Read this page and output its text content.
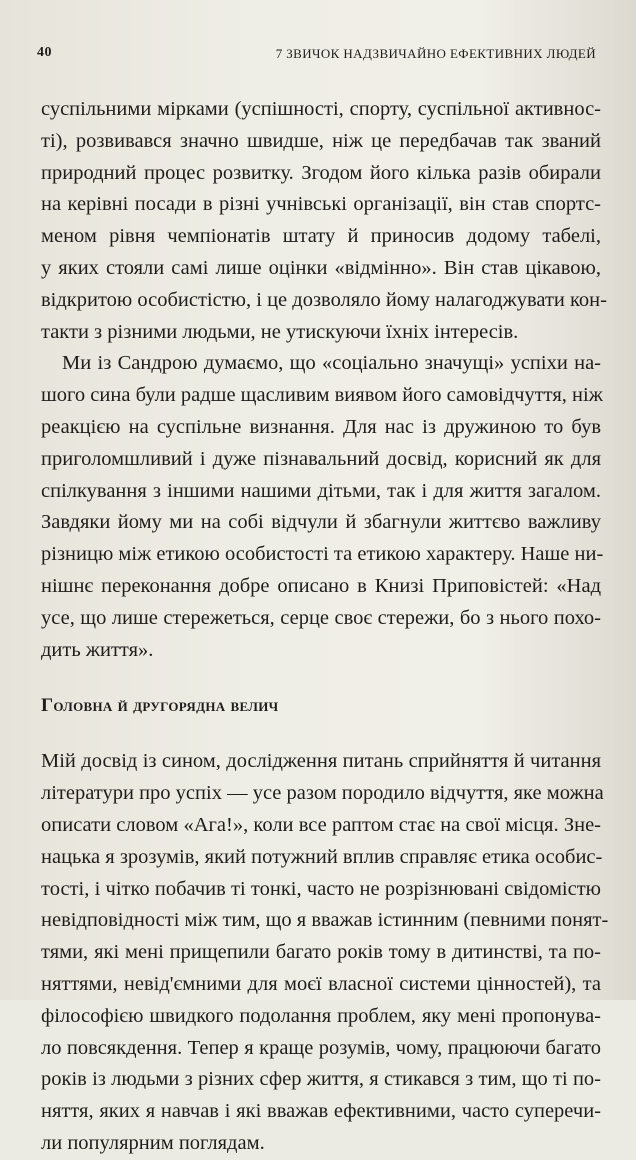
40	7 ЗВИЧОК НАДЗВИЧАЙНО ЕФЕКТИВНИХ ЛЮДЕЙ
суспільними мірками (успішності, спорту, суспільної активнос-
ті), розвивався значно швидше, ніж це передбачав так званий
природний процес розвитку. Згодом його кілька разів обирали
на керівні посади в різні учнівські організації, він став спортс-
меном рівня чемпіонатів штату й приносив додому табелі,
у яких стояли самі лише оцінки «відмінно». Він став цікавою,
відкритою особистістю, і це дозволяло йому налагоджувати кон-
такти з різними людьми, не утискуючи їхніх інтересів.
Ми із Сандрою думаємо, що «соціально значущі» успіхи на-
шого сина були радше щасливим виявом його самовідчуття, ніж
реакцією на суспільне визнання. Для нас із дружиною то був
приголомшливий і дуже пізнавальний досвід, корисний як для
спілкування з іншими нашими дітьми, так і для життя загалом.
Завдяки йому ми на собі відчули й збагнули життєво важливу
різницю між етикою особистості та етикою характеру. Наше ни-
нішнє переконання добре описано в Книзі Приповістей: «Над
усе, що лише стережеться, серце своє стережи, бо з нього похо-
дить життя».
Головна й другорядна велич
Мій досвід із сином, дослідження питань сприйняття й читання
літератури про успіх — усе разом породило відчуття, яке можна
описати словом «Ага!», коли все раптом стає на свої місця. Зне-
нацька я зрозумів, який потужний вплив справляє етика особис-
тості, і чітко побачив ті тонкі, часто не розрізнювані свідомістю
невідповідності між тим, що я вважав істинним (певними понят-
тями, які мені прищепили багато років тому в дитинстві, та по-
няттями, невід'ємними для моєї власної системи цінностей), та
філософією швидкого подолання проблем, яку мені пропонува-
ло повсякдення. Тепер я краще розумів, чому, працюючи багато
років із людьми з різних сфер життя, я стикався з тим, що ті по-
няття, яких я навчав і які вважав ефективними, часто суперечи-
ли популярним поглядам.
